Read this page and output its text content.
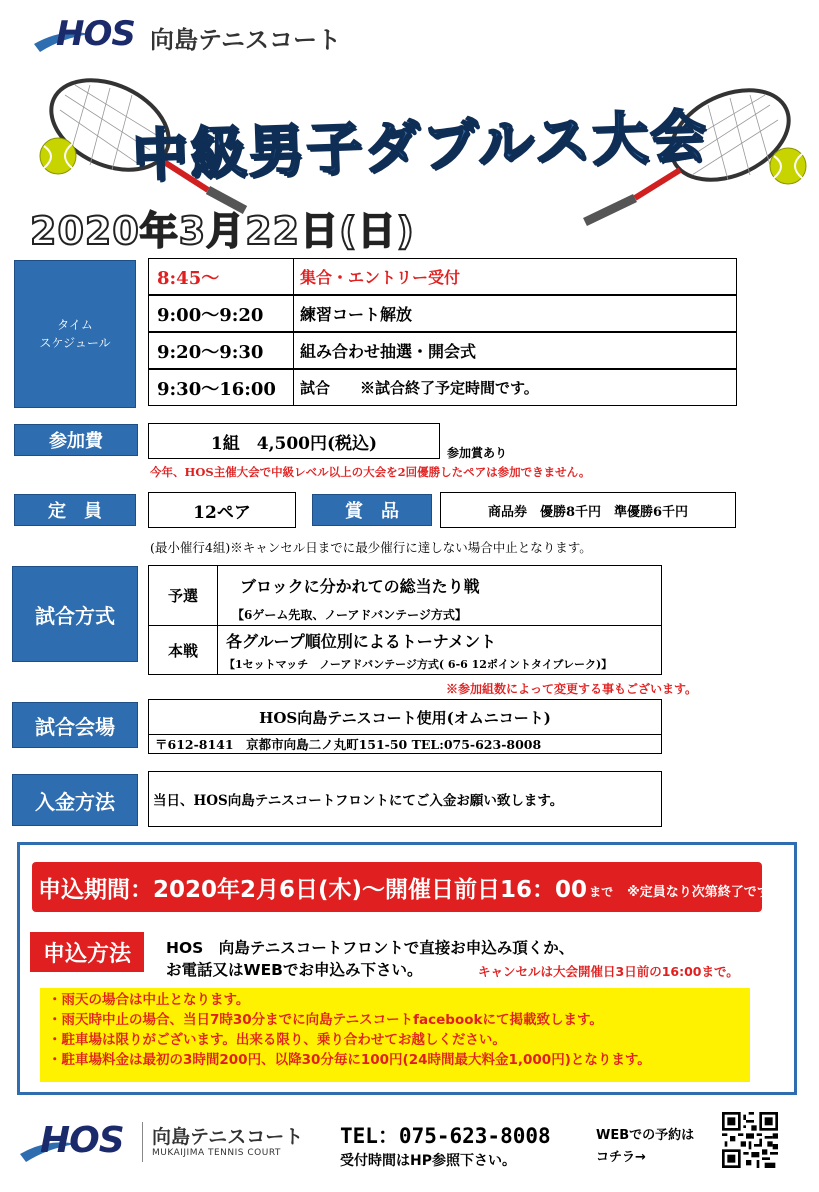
HOS 向島テニスコート
中級男子ダブルス大会
2020年3月22日(日)
タイム
スケジュール
8:45～	集合・エントリー受付
9:00～9:20	練習コート解放
9:20～9:30	組み合わせ抽選・開会式
9:30～16:00	試合　　※試合終了予定時間です。
参加費	1組　4,500円(税込)	参加賞あり
今年、HOS主催大会で中級レベル以上の大会を2回優勝したペアは参加できません。
定　員	12ペア	賞　品	商品券　優勝8千円　準優勝6千円
(最小催行4組)※キャンセル日までに最少催行に達しない場合中止となります。
試合方式
予選	ブロックに分かれての総当たり戦
【6ゲーム先取、ノーアドバンテージ方式】
本戦 各グループ順位別によるトーナメント
【1セットマッチ　ノーアドバンテージ方式( 6-6 12ポイントタイブレーク)】
※参加組数によって変更する事もございます。
試合会場	HOS向島テニスコート使用(オムニコート)
〒612-8141　京都市向島二ノ丸町151-50 TEL:075-623-8008
入金方法	当日、HOS向島テニスコートフロントにてご入金お願い致します。
申込期間：2020年2月6日(木)～開催日前日16：00 まで ※定員なり次第終了です。
申込方法	HOS　向島テニスコートフロントで直接お申込み頂くか、
お電話又はWEBでお申込み下さい。	キャンセルは大会開催日3日前の16:00まで。
・雨天の場合は中止となります。
・雨天時中止の場合、当日7時30分までに向島テニスコートfacebookにて掲載致します。
・駐車場は限りがございます。出来る限り、乗り合わせてお越しください。
・駐車場料金は最初の3時間200円、以降30分毎に100円(24時間最大料金1,000円)となります。
HOS 向島テニスコート
MUKAIJIMA TENNIS COURT
TEL：075-623-8008
受付時間はHP参照下さい。
WEBでの予約は
コチラ→
